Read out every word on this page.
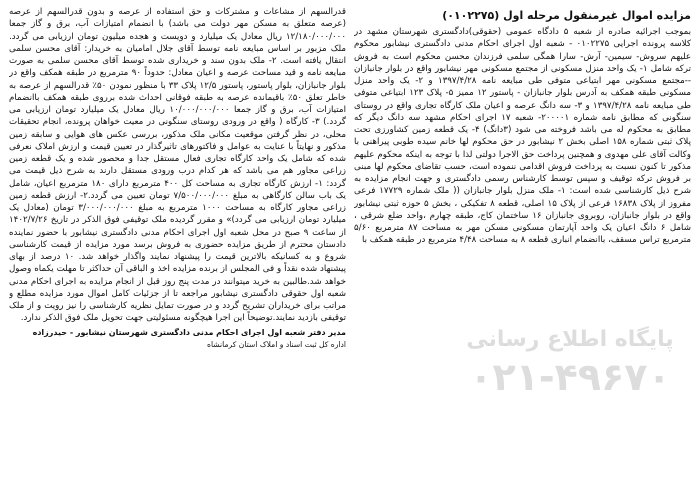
مزایده اموال غیرمنقول مرحله اول (۰۱۰۲۲۷۵)
بموجب اجرائیه صادره از شعبه ۵ دادگاه عمومی (حقوقی)دادگستری شهرستان مشهد در کلاسه پرونده اجرایی ۰۱۰۲۲۷۵ - شعبه اول اجرای احکام مدنی دادگستری نیشابور محکوم علیهم سروش- سیمین- آرش- سارا همگی سلمی فرزندان محسن محکوم است به فروش ترکه شامل ۱- یک واحد منزل مسکونی از مجتمع مسکونی مهر نیشابور واقع در بلوار جانبازان --مجتمع مسکونی مهر ابتیاعی متوفی طی مبایعه نامه ۱۳۹۷/۴/۲۸ و ۲- یک واحد منزل مسکونی طبقه همکف به آدرس بلوار جانبازان - پاستور ۱۲ ممیز ۵- پلاک ۱۲۳ ابتیاعی متوفی طی مبایعه نامه ۱۳۹۷/۴/۲۸ و ۳- سه دانگ عرصه و اعیان ملک کارگاه تجاری واقع در روستای سنگونی که مطابق نامه شماره ۲۰۰۰۰۱- شعبه ۱۷ اجرای احکام مشهد سه دانگ دیگر که مطابق به محکوم له می باشد فروخته می شود (۳دانگ) ۴- یک قطعه زمین کشاورزی تحت پلاک ثبتی شماره ۱۵۸ اصلی بخش ۲ نیشابور در حق محکوم لها خانم سیده طوبی پیراهنی با وکالت آقای علی مهدوی و همچنین پرداخت حق الاجرا دولتی لذا با توجه به اینکه محکوم علیهم مذکور تا کنون نسبت به پرداخت فروش اقدامی ننموده است، حسب تقاضای محکوم لها مبنی بر فروش ترکه توقیف و سپس توسط کارشناس رسمی دادگستری و جهت انجام مزایده به شرح ذیل کارشناسی شده است: ۱- ملک منزل بلوار جانبازان (( ملک شماره ۱۷۷۲۹ فرعی مفروز از پلاک ۱۶۸۳۸ فرعی از پلاک ۱۵ اصلی، قطعه ۸ تفکیکی ، بخش ۵ حوزه ثبتی نیشابور واقع در بلوار جانبازان، روبروی جانبازان ۱۶ ساختمان کاج، طبقه چهارم ،واحد ضلع شرقی ، شامل ۶ دانگ اعیان یک واحد آپارتمان مسکونی مسکن مهر به مساحت ۸۷ مترمربع ۵/۶۰ مترمربع تراس مسقف، باانضمام انباری قطعه ۸ به مساحت ۴/۴۸ مترمربع در طبقه همکف با
قدرالسهم از مشاعات و مشترکات و حق استفاده از عرصه و بدون قدرالسهم از عرصه (عرصه متعلق به مسکن مهر دولت می باشد) با انضمام امتیازات آب، برق و گاز جمعا ۱۲/۱۸۰/۰۰۰/۰۰۰ ریال معادل یک میلیارد و دویست و هجده میلیون تومان ارزیابی می گردد. ملک مزبور بر اساس مبایعه نامه توسط آقای جلال امامیان به خریدار: آقای محسن سلمی انتقال یافته است. ۲- ملک بدون سند و خریداری شده توسط آقای محسن سلمی به صورت مبایعه نامه و قید مساحت عرصه و اعیان معادل: حدوداً ۹۰ مترمربع در طبقه همکف واقع در بلوار جانبازان، بلوار پاستور، پاستور ۱۲/۵ پلاک ۳۳ با منظور نمودن ۵۰٪ قدرالسهم از عرصه به خاطر تعلق ۵۰٪ باقیمانده عرصه به طبقه فوقانی احداث شده برروی طبقه همکف باانضمام امتیازات آب، برق و گاز جمعا ۱۰/۰۰۰/۰۰۰/۰۰۰ ریال معادل یک میلیارد تومان ارزیابی می گردد.) ۳- کارگاه ( واقع در ورودی روستای سنگونی در معیت خواهان پرونده، انجام تحقیقات محلی، در نظر گرفتن موقعیت مکانی ملک مذکور، بررسی عکس های هوایی و سابقه زمین مذکور و نهایتاً با عنایت به عوامل و فاکتورهای تاثیرگذار در تعیین قیمت و ارزش املاک نعرفی شده که شامل یک واحد کارگاه تجاری فعال مستقل جدا و محصور شده و یک قطعه زمین زراعی مجاور هم می باشد که هر کدام درب ورودی مستقل دارند به شرح ذیل قیمت می گردد: ۱- ارزش کارگاه تجاری به مساحت کل ۴۰۰ مترمربع دارای ۱۸۰ مترمربع اعیان، شامل یک باب سالن کارگاهی به مبلغ ۷/۵۰۰/۰۰۰/۰۰۰ تومان تعیین می گردد.۲- ارزش قطعه زمین زراعی مجاور کارگاه به مساحت ۱۰۰۰ مترمربع به مبلغ ۳/۰۰۰/۰۰۰/۰۰۰ تومان (معادل یک میلیارد تومان ارزیابی می گردد)» و مقرر گردیده ملک توقیفی فوق الذکر در تاریخ ۱۴۰۲/۷/۲۶ از ساعت ۹ صبح در محل شعبه اول اجرای احکام مدنی دادگستری نیشابور با حضور نماینده دادستان محترم از طریق مزایده حضوری به فروش برسد مورد مزایده از قیمت کارشناسی شروع و به کسانیکه بالاترین قیمت را پیشنهاد نمایند واگذار خواهد شد. ۱۰ درصد از بهای پیشنهاد شده نقداً و فی المجلس از برنده مزایده اخذ و الباقی آن حداکثر تا مهلت یکماه وصول خواهد شد.طالبین به خرید میتوانند در مدت پنج روز قبل از انجام مزایده به اجرای احکام مدنی شعبه اول حقوقی دادگستری نیشابور مراجعه تا از جزئیات کامل اموال مورد مزایده مطلع و مراتب برای خریداران تشریح گردد و در صورت تمایل نظریه کارشناسی را نیز رویت و از ملک توقیفی بازدید نمایند.توضیحاً این اجرا هیچگونه مسئولیتی جهت تحویل ملک فوق الذکر ندارد.
مدیر دفتر شعبه اول اجرای احکام مدنی دادگستری شهرستان نیشابور - حیدرزاده
اداره کل ثبت اسناد و املاک استان کرمانشاه	پایگاه اطلاع رسانی
۰۲۱-۴۹۶۷۰
